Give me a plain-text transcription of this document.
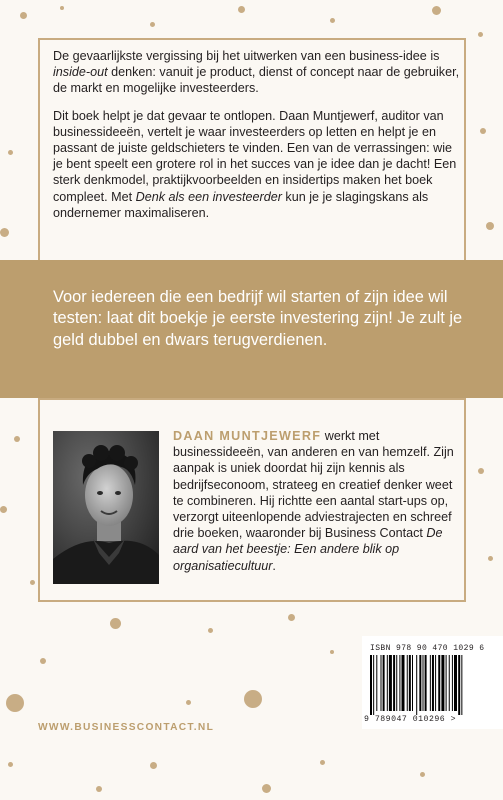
De gevaarlijkste vergissing bij het uitwerken van een business-idee is inside-out denken: vanuit je product, dienst of concept naar de gebruiker, de markt en mogelijke investeerders.

Dit boek helpt je dat gevaar te ontlopen. Daan Muntjewerf, auditor van businessideeën, vertelt je waar investeerders op letten en helpt je en passant de juiste geldschieters te vinden. Een van de verrassingen: wie je bent speelt een grotere rol in het succes van je idee dan je dacht! Een sterk denkmodel, praktijkvoorbeelden en insidertips maken het boek compleet. Met Denk als een investeerder kun je je slagingskans als ondernemer maximaliseren.

Voor iedereen die een bedrijf wil starten of zijn idee wil testen: laat dit boekje je eerste investering zijn! Je zult je geld dubbel en dwars terugverdienen.
DAAN MUNTJEWERF werkt met businessideeën, van anderen en van hemzelf. Zijn aanpak is uniek doordat hij zijn kennis als bedrijfseconoom, strateeg en creatief denker weet te combineren. Hij richtte een aantal start-ups op, verzorgt uiteenlopende adviestrajecten en schreef drie boeken, waaronder bij Business Contact De aard van het beestje: Een andere blik op organisatiecultuur.
WWW.BUSINESSCONTACT.NL
ISBN 978 90 470 1029 6
9 789047 010296 >
